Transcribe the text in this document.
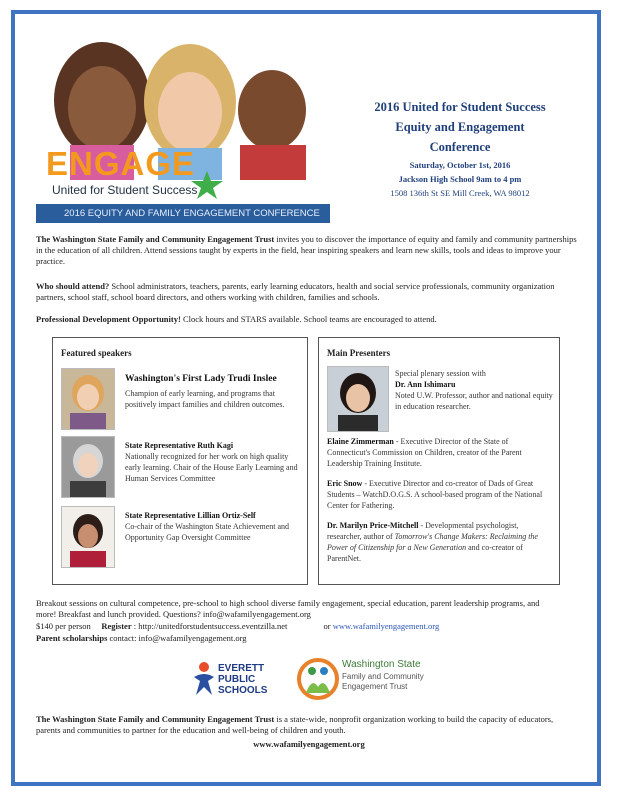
ENGAGE
United for Student Success
2016 EQUITY AND FAMILY ENGAGEMENT CONFERENCE
2016 United for Student Success
Equity and Engagement
Conference
Saturday, October 1st, 2016
Jackson High School 9am to 4 pm
1508 136th St SE Mill Creek, WA 98012
The Washington State Family and Community Engagement Trust invites you to discover the importance of equity and family and community partnerships in the education of all children. Attend sessions taught by experts in the field, hear inspiring speakers and learn new skills, tools and ideas to improve your practice.
Who should attend? School administrators, teachers, parents, early learning educators, health and social service professionals, community organization partners, school staff, school board directors, and others working with children, families and schools.
Professional Development Opportunity! Clock hours and STARS available. School teams are encouraged to attend.
Featured speakers
Washington's First Lady Trudi Inslee
Champion of early learning, and programs that positively impact families and children outcomes.
State Representative Ruth Kagi
Nationally recognized for her work on high quality early learning. Chair of the House Early Learning and Human Services Committee
State Representative Lillian Ortiz-Self
Co-chair of the Washington State Achievement and Opportunity Gap Oversight Committee
Main Presenters
Special plenary session with
Dr. Ann Ishimaru
Noted U.W. Professor, author and national equity in education researcher.
Elaine Zimmerman - Executive Director of the State of Connecticut's Commission on Children, creator of the Parent Leadership Training Institute.
Eric Snow - Executive Director and co-creator of Dads of Great Students – WatchD.O.G.S. A school-based program of the National Center for Fathering.
Dr. Marilyn Price-Mitchell - Developmental psychologist, researcher, author of Tomorrow's Change Makers: Reclaiming the Power of Citizenship for a New Generation and co-creator of ParentNet.
Breakout sessions on cultural competence, pre-school to high school diverse family engagement, special education, parent leadership programs, and more! Breakfast and lunch provided. Questions? info@wafamilyengagement.org
$140 per person Register : http://unitedforstudentsuccess.eventzilla.net	or www.wafamilyengagement.org
Parent scholarships contact: info@wafamilyengagement.org
EVERETT PUBLIC SCHOOLS
Washington State
Family and Community
Engagement Trust
The Washington State Family and Community Engagement Trust is a state-wide, nonprofit organization working to build the capacity of educators, parents and communities to partner for the education and well-being of children and youth.
www.wafamilyengagement.org
